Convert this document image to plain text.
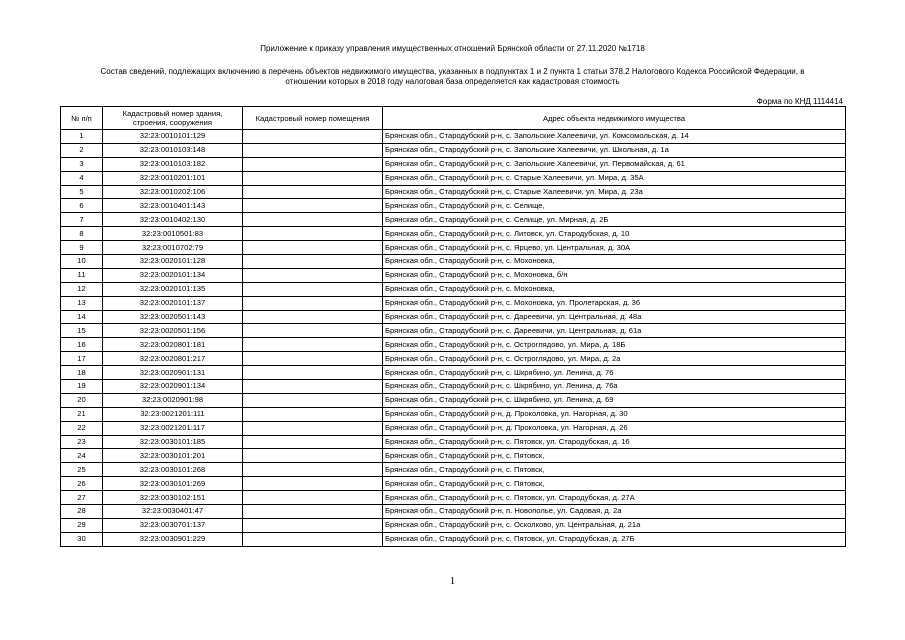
Приложение к приказу управления имущественных отношений Брянской области от 27.11.2020 №1718
Состав сведений, подлежащих включению в перечень объектов недвижимого имущества, указанных в подпунктах 1 и 2 пункта 1 статьи 378.2 Налогового Кодекса Российской Федерации, в
отношении которых в 2018 году налоговая база определяется как кадастровая стоимость
Форма по КНД 1114414
№ п/п	Кадастровый номер здания, строения, сооружения	Кадастровый номер помещения	Адрес объекта недвижимого имущества
1	32:23:0010101:129		Брянская обл., Стародубский р-н, с. Запольские Халеевичи, ул. Комсомольская, д. 14
2	32:23:0010103:148		Брянская обл., Стародубский р-н, с. Запольские Халеевичи, ул. Школьная, д. 1а
3	32:23:0010103:182		Брянская обл., Стародубский р-н, с. Запольские Халеевичи, ул. Первомайская, д. 61
4	32:23:0010201:101		Брянская обл., Стародубский р-н, с. Старые Халеевичи, ул. Мира, д. 35А
5	32:23:0010202:106		Брянская обл., Стародубский р-н, с. Старые Халеевичи, ул. Мира, д. 23а
6	32:23:0010401:143		Брянская обл., Стародубский р-н, с. Селище,
7	32:23:0010402:130		Брянская обл., Стародубский р-н, с. Селище, ул. Мирная, д. 2Б
8	32:23:0010501:83		Брянская обл., Стародубский р-н, с. Литовск, ул. Стародубская, д. 10
9	32:23:0010702:79		Брянская обл., Стародубский р-н, с. Ярцево, ул. Центральная, д. 30А
10	32:23:0020101:128		Брянская обл., Стародубский р-н, с. Мохоновка,
11	32:23:0020101:134		Брянская обл., Стародубский р-н, с. Мохоновка, б/н
12	32:23:0020101:135		Брянская обл., Стародубский р-н, с. Мохоновка,
13	32:23:0020101:137		Брянская обл., Стародубский р-н, с. Мохоновка, ул. Пролетарская, д. 36
14	32:23:0020501:143		Брянская обл., Стародубский р-н, с. Дареевичи, ул. Центральная, д. 48а
15	32:23:0020501:156		Брянская обл., Стародубский р-н, с. Дареевичи, ул. Центральная, д. 61а
16	32:23:0020801:181		Брянская обл., Стародубский р-н, с. Остроглядово, ул. Мира, д. 18Б
17	32:23:0020801:217		Брянская обл., Стародубский р-н, с. Остроглядово, ул. Мира, д. 2а
18	32:23:0020901:131		Брянская обл., Стародубский р-н, с. Шкрябино, ул. Ленина, д. 76
19	32:23:0020901:134		Брянская обл., Стародубский р-н, с. Шкрябино, ул. Ленина, д. 76а
20	32:23:0020901:98		Брянская обл., Стародубский р-н, с. Шкрябино, ул. Ленина, д. 69
21	32:23:0021201:111		Брянская обл., Стародубский р-н, д. Проколовка, ул. Нагорная, д. 30
22	32:23:0021201:117		Брянская обл., Стародубский р-н, д. Проколовка, ул. Нагорная, д. 26
23	32:23:0030101:185		Брянская обл., Стародубский р-н, с. Пятовск, ул. Стародубская, д. 16
24	32:23:0030101:201		Брянская обл., Стародубский р-н, с. Пятовск,
25	32:23:0030101:268		Брянская обл., Стародубский р-н, с. Пятовск,
26	32:23:0030101:269		Брянская обл., Стародубский р-н, с. Пятовск,
27	32:23:0030102:151		Брянская обл., Стародубский р-н, с. Пятовск, ул. Стародубская, д. 27А
28	32:23:0030401:47		Брянская обл., Стародубский р-н, п. Новополье, ул. Садовая, д. 2а
29	32:23:0030701:137		Брянская обл., Стародубский р-н, с. Осколково, ул. Центральная, д. 21а
30	32:23:0030901:229		Брянская обл., Стародубский р-н, с. Пятовск, ул. Стародубская, д. 27Б
1
